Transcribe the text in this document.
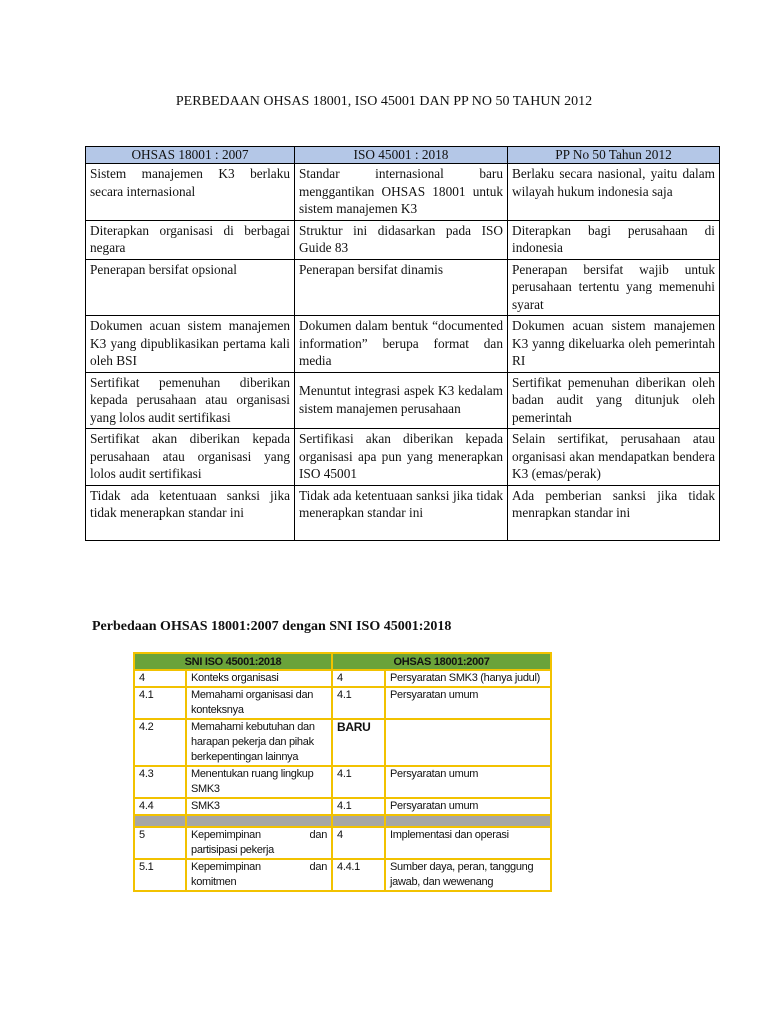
PERBEDAAN OHSAS 18001, ISO 45001 DAN PP NO 50 TAHUN 2012
OHSAS 18001 : 2007	ISO 45001 : 2018	PP No 50 Tahun 2012
Sistem manajemen K3 berlaku secara internasional	Standar internasional baru menggantikan OHSAS 18001 untuk sistem manajemen K3	Berlaku secara nasional, yaitu dalam wilayah hukum indonesia saja
Diterapkan organisasi di berbagai negara	Struktur ini didasarkan pada ISO Guide 83	Diterapkan bagi perusahaan di indonesia
Penerapan bersifat opsional	Penerapan bersifat dinamis	Penerapan bersifat wajib untuk perusahaan tertentu yang memenuhi syarat
Dokumen acuan sistem manajemen K3 yang dipublikasikan pertama kali oleh BSI	Dokumen dalam bentuk “documented information” berupa format dan media	Dokumen acuan sistem manajemen K3 yanng dikeluarka oleh pemerintah RI
Sertifikat pemenuhan diberikan kepada perusahaan atau organisasi yang lolos audit sertifikasi	Menuntut integrasi aspek K3 kedalam sistem manajemen perusahaan	Sertifikat pemenuhan diberikan oleh badan audit yang ditunjuk oleh pemerintah
Sertifikat akan diberikan kepada perusahaan atau organisasi yang lolos audit sertifikasi	Sertifikasi akan diberikan kepada organisasi apa pun yang menerapkan ISO 45001	Selain sertifikat, perusahaan atau organisasi akan mendapatkan bendera K3 (emas/perak)
Tidak ada ketentuaan sanksi jika tidak menerapkan standar ini	Tidak ada ketentuaan sanksi jika tidak menerapkan standar ini	Ada pemberian sanksi jika tidak menrapkan standar ini
Perbedaan OHSAS 18001:2007 dengan SNI ISO 45001:2018
SNI ISO 45001:2018		OHSAS 18001:2007	
4	Konteks organisasi	4	Persyaratan SMK3 (hanya judul)
4.1	Memahami organisasi dan konteksnya	4.1	Persyaratan umum
4.2	Memahami kebutuhan dan harapan pekerja dan pihak berkepentingan lainnya	BARU	
4.3	Menentukan ruang lingkup SMK3	4.1	Persyaratan umum
4.4	SMK3	4.1	Persyaratan umum

5	Kepemimpinan dan partisipasi pekerja	4	Implementasi dan operasi
5.1	Kepemimpinan dan komitmen	4.4.1	Sumber daya, peran, tanggung jawab, dan wewenang
